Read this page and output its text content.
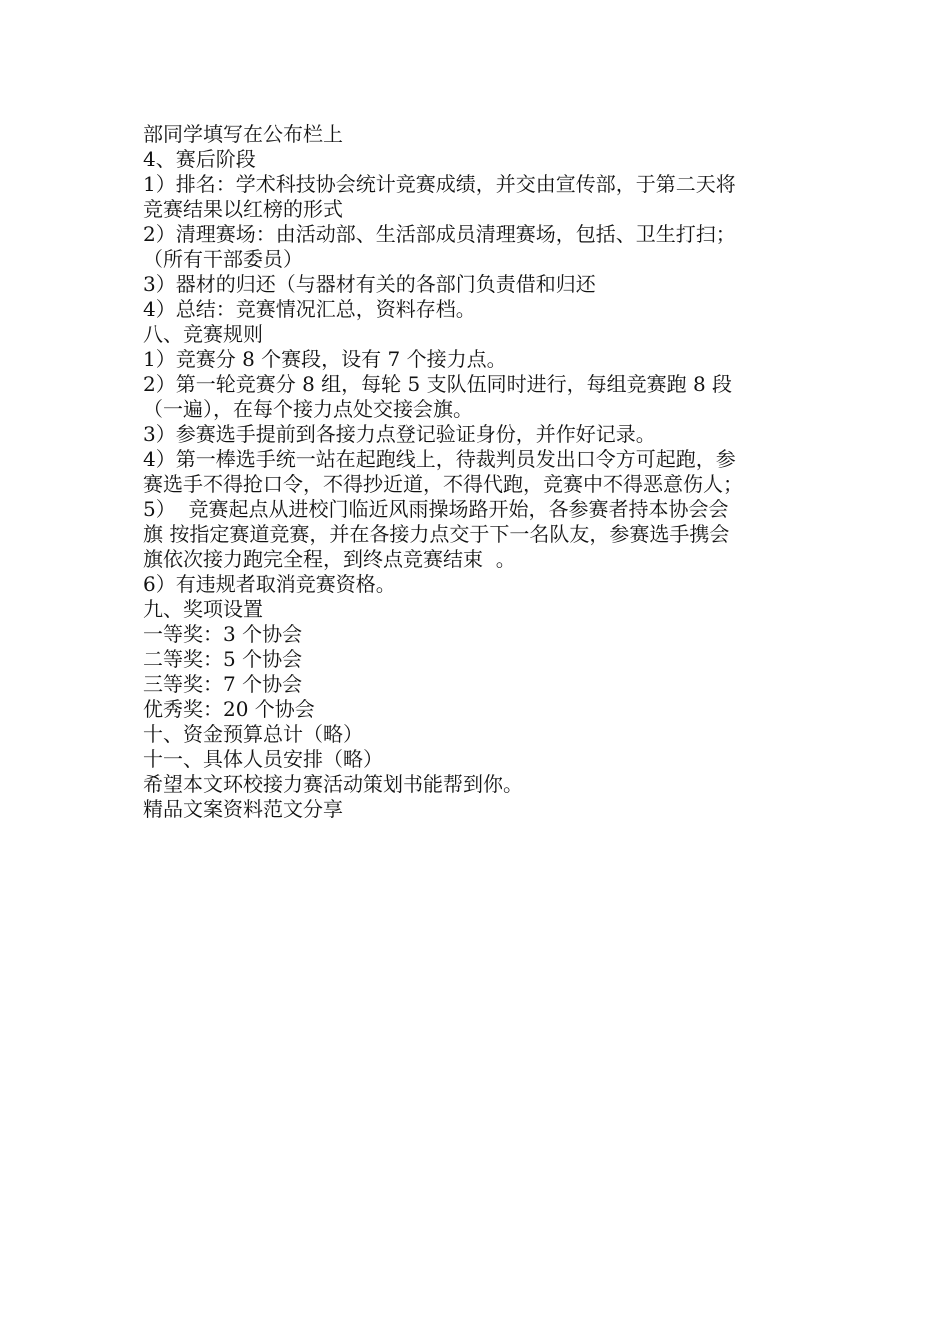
部同学填写在公布栏上
4、赛后阶段
1）排名：学术科技协会统计竞赛成绩，并交由宣传部，于第二天将
竞赛结果以红榜的形式
2）清理赛场：由活动部、生活部成员清理赛场，包括、卫生打扫；
（所有干部委员）
3）器材的归还（与器材有关的各部门负责借和归还
4）总结：竞赛情况汇总，资料存档。
八、竞赛规则
1）竞赛分 8 个赛段，设有 7 个接力点。
2）第一轮竞赛分 8 组，每轮 5 支队伍同时进行，每组竞赛跑 8 段
（一遍），在每个接力点处交接会旗。
3）参赛选手提前到各接力点登记验证身份，并作好记录。
4）第一棒选手统一站在起跑线上，待裁判员发出口令方可起跑，参
赛选手不得抢口令，不得抄近道，不得代跑，竞赛中不得恶意伤人；
5）  竞赛起点从进校门临近风雨操场路开始，各参赛者持本协会会
旗 按指定赛道竞赛，并在各接力点交于下一名队友，参赛选手携会
旗依次接力跑完全程，到终点竞赛结束  。
6）有违规者取消竞赛资格。
九、奖项设置
一等奖：3 个协会
二等奖：5 个协会
三等奖：7 个协会
优秀奖：20 个协会
十、资金预算总计（略）
十一、具体人员安排（略）
希望本文环校接力赛活动策划书能帮到你。
精品文案资料范文分享
